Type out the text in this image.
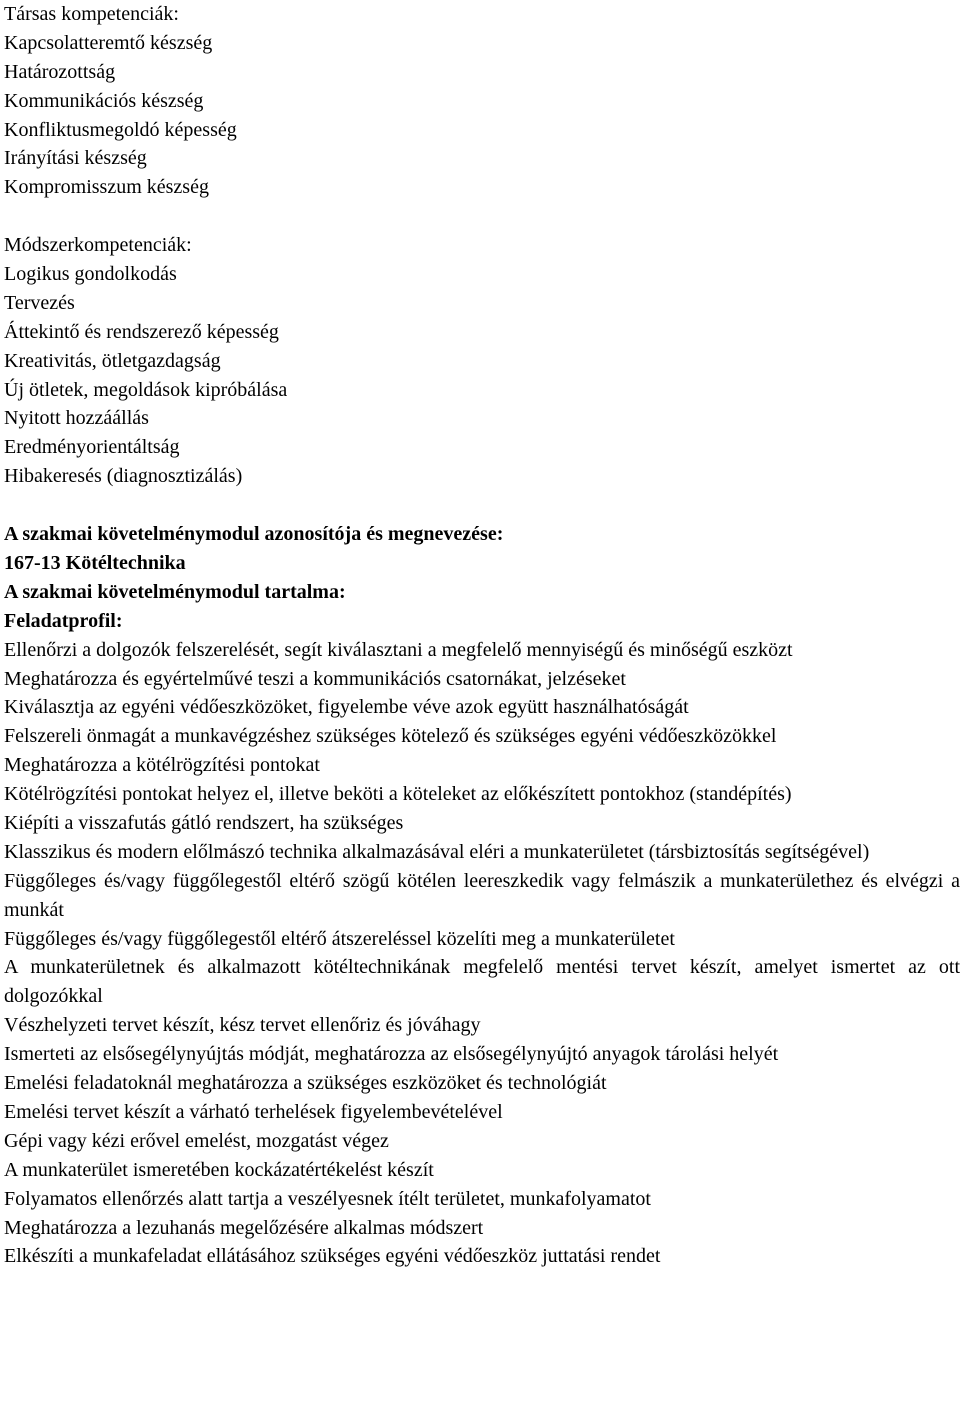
Társas kompetenciák:
Kapcsolatteremtő készség
Határozottság
Kommunikációs készség
Konfliktusmegoldó képesség
Irányítási készség
Kompromisszum készség
Módszerkompetenciák:
Logikus gondolkodás
Tervezés
Áttekintő és rendszerező képesség
Kreativitás, ötletgazdagság
Új ötletek, megoldások kipróbálása
Nyitott hozzáállás
Eredményorientáltság
Hibakeresés (diagnosztizálás)
A szakmai követelménymodul azonosítója és megnevezése:
167-13 Kötéltechnika
A szakmai követelménymodul tartalma:
Feladatprofil:
Ellenőrzi a dolgozók felszerelését, segít kiválasztani a megfelelő mennyiségű és minőségű eszközt
Meghatározza és egyértelművé teszi a kommunikációs csatornákat, jelzéseket
Kiválasztja az egyéni védőeszközöket, figyelembe véve azok együtt használhatóságát
Felszereli önmagát a munkavégzéshez szükséges kötelező és szükséges egyéni védőeszközökkel
Meghatározza a kötélrögzítési pontokat
Kötélrögzítési pontokat helyez el, illetve beköti a köteleket az előkészített pontokhoz (standépítés)
Kiépíti a visszafutás gátló rendszert, ha szükséges
Klasszikus és modern előlmászó technika alkalmazásával eléri a munkaterületet (társbiztosítás segítségével)
Függőleges és/vagy függőlegestől eltérő szögű kötélen leereszkedik vagy felmászik a munkaterülethez és elvégzi a munkát
Függőleges és/vagy függőlegestől eltérő átszereléssel közelíti meg a munkaterületet
A munkaterületnek és alkalmazott kötéltechnikának megfelelő mentési tervet készít, amelyet ismertet az ott dolgozókkal
Vészhelyzeti tervet készít, kész tervet ellenőriz és jóváhagy
Ismerteti az elsősegélynyújtás módját, meghatározza az elsősegélynyújtó anyagok tárolási helyét
Emelési feladatoknál meghatározza a szükséges eszközöket és technológiát
Emelési tervet készít a várható terhelések figyelembevételével
Gépi vagy kézi erővel emelést, mozgatást végez
A munkaterület ismeretében kockázatértékelést készít
Folyamatos ellenőrzés alatt tartja a veszélyesnek ítélt területet, munkafolyamatot
Meghatározza a lezuhanás megelőzésére alkalmas módszert
Elkészíti a munkafeladat ellátásához szükséges egyéni védőeszköz juttatási rendet
